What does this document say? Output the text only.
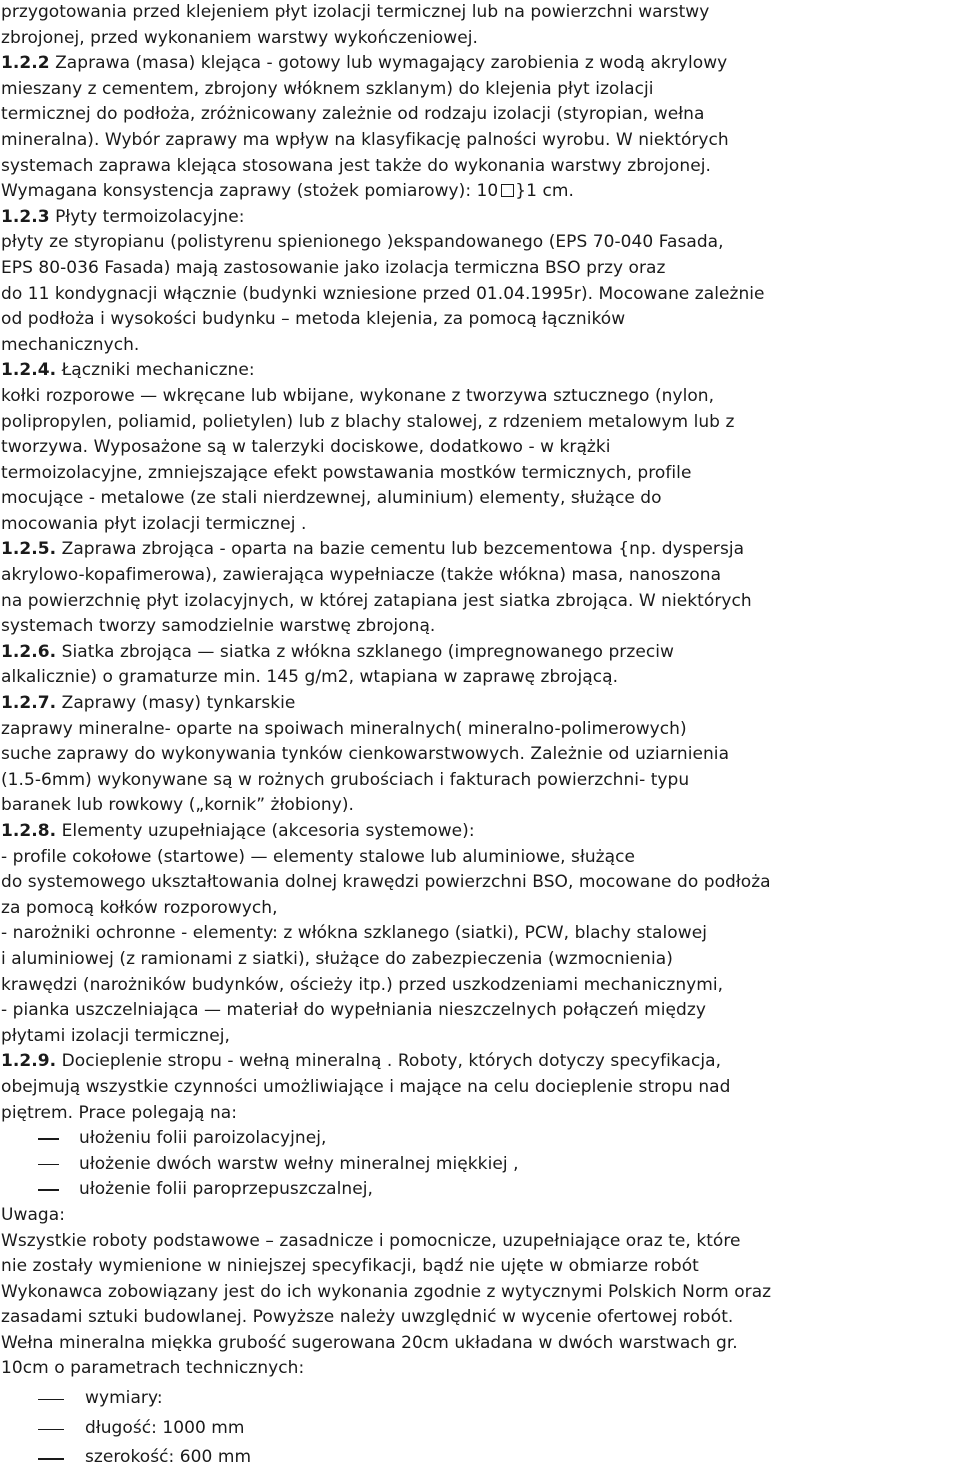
przygotowania przed klejeniem płyt izolacji termicznej lub na powierzchni warstwy
zbrojonej, przed wykonaniem warstwy wykończeniowej.
1.2.2 Zaprawa (masa) klejąca - gotowy lub wymagający zarobienia z wodą akrylowy
mieszany z cementem, zbrojony włóknem szklanym) do klejenia płyt izolacji
termicznej do podłoża, zróżnicowany zależnie od rodzaju izolacji (styropian, wełna
mineralna). Wybór zaprawy ma wpływ na klasyfikację palności wyrobu. W niektórych
systemach zaprawa klejąca stosowana jest także do wykonania warstwy zbrojonej.
Wymagana konsystencja zaprawy (stożek pomiarowy): 10 }1 cm.
1.2.3 Płyty termoizolacyjne:
płyty ze styropianu (polistyrenu spienionego )ekspandowanego (EPS 70-040 Fasada,
EPS 80-036 Fasada) mają zastosowanie jako izolacja termiczna BSO przy oraz
do 11 kondygnacji włącznie (budynki wzniesione przed 01.04.1995r). Mocowane zależnie
od podłoża i wysokości budynku – metoda klejenia, za pomocą łączników
mechanicznych.
1.2.4. Łączniki mechaniczne:
kołki rozporowe — wkręcane lub wbijane, wykonane z tworzywa sztucznego (nylon,
polipropylen, poliamid, polietylen) lub z blachy stalowej, z rdzeniem metalowym lub z
tworzywa. Wyposażone są w talerzyki dociskowe, dodatkowo - w krążki
termoizolacyjne, zmniejszające efekt powstawania mostków termicznych, profile
mocujące - metalowe (ze stali nierdzewnej, aluminium) elementy, służące do
mocowania płyt izolacji termicznej .
1.2.5. Zaprawa zbrojąca - oparta na bazie cementu lub bezcementowa {np. dyspersja
akrylowo-kopafimerowa), zawierająca wypełniacze (także włókna) masa, nanoszona
na powierzchnię płyt izolacyjnych, w której zatapiana jest siatka zbrojąca. W niektórych
systemach tworzy samodzielnie warstwę zbrojoną.
1.2.6. Siatka zbrojąca — siatka z włókna szklanego (impregnowanego przeciw
alkalicznie) o gramaturze min. 145 g/m2, wtapiana w zaprawę zbrojącą.
1.2.7. Zaprawy (masy) tynkarskie
zaprawy mineralne- oparte na spoiwach mineralnych( mineralno-polimerowych)
suche zaprawy do wykonywania tynków cienkowarstwowych. Zależnie od uziarnienia
(1.5-6mm) wykonywane są w rożnych grubościach i fakturach powierzchni- typu
baranek lub rowkowy („kornik” żłobiony).
1.2.8. Elementy uzupełniające (akcesoria systemowe):
- profile cokołowe (startowe) — elementy stalowe lub aluminiowe, służące
do systemowego ukształtowania dolnej krawędzi powierzchni BSO, mocowane do podłoża
za pomocą kołków rozporowych,
- narożniki ochronne - elementy: z włókna szklanego (siatki), PCW, blachy stalowej
i aluminiowej (z ramionami z siatki), służące do zabezpieczenia (wzmocnienia)
krawędzi (narożników budynków, ościeży itp.) przed uszkodzeniami mechanicznymi,
- pianka uszczelniająca — materiał do wypełniania nieszczelnych połączeń między
płytami izolacji termicznej,
1.2.9. Docieplenie stropu - wełną mineralną . Roboty, których dotyczy specyfikacja,
obejmują wszystkie czynności umożliwiające i mające na celu docieplenie stropu nad
piętrem. Prace polegają na:
ułożeniu folii paroizolacyjnej,
ułożenie dwóch warstw wełny mineralnej miękkiej ,
ułożenie folii paroprzepuszczalnej,
Uwaga:
Wszystkie roboty podstawowe – zasadnicze i pomocnicze, uzupełniające oraz te, które
nie zostały wymienione w niniejszej specyfikacji, bądź nie ujęte w obmiarze robót
Wykonawca zobowiązany jest do ich wykonania zgodnie z wytycznymi Polskich Norm oraz
zasadami sztuki budowlanej. Powyższe należy uwzględnić w wycenie ofertowej robót.
Wełna mineralna miękka grubość sugerowana 20cm układana w dwóch warstwach gr.
10cm o parametrach technicznych:
wymiary:
długość: 1000 mm
szerokość: 600 mm
